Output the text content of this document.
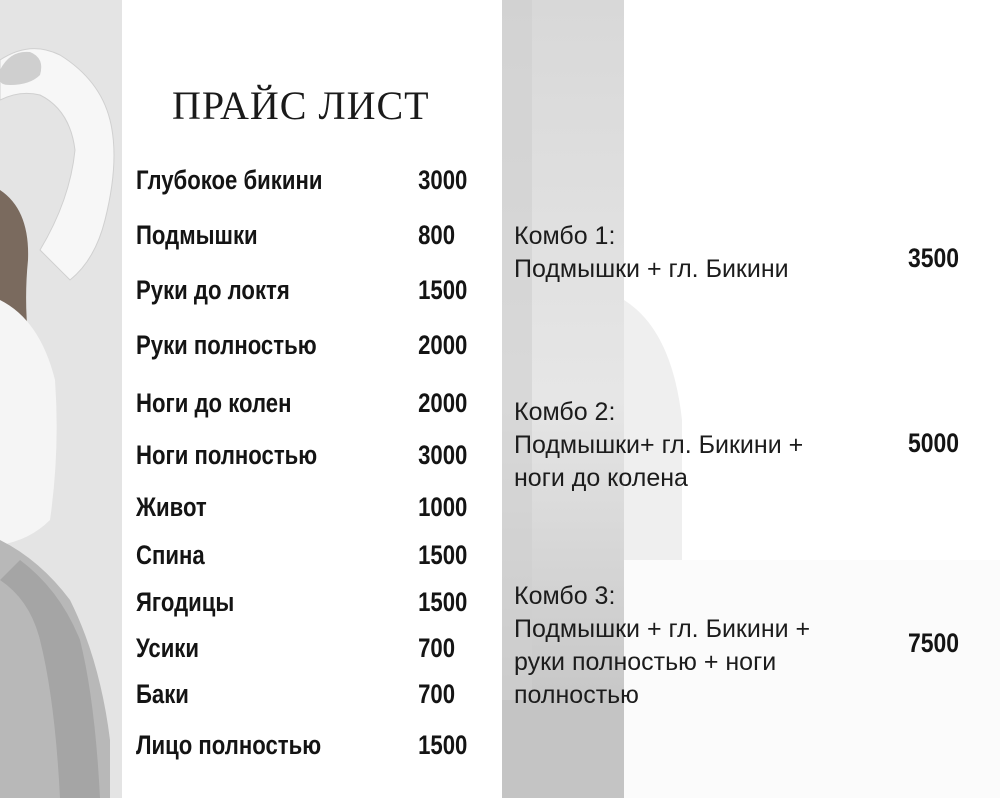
ПРАЙС ЛИСТ
Глубокое бикини	3000
Подмышки	800
Руки до локтя	1500
Руки полностью	2000
Ноги до колен	2000
Ноги полностью	3000
Живот	1000
Спина	1500
Ягодицы	1500
Усики	700
Баки	700
Лицо полностью	1500
Комбо 1:
Подмышки + гл. Бикини	3500
Комбо 2:
Подмышки+ гл. Бикини +
ноги до колена
5000
Комбо 3:
Подмышки + гл. Бикини +
руки полностью + ноги
полностью
7500
